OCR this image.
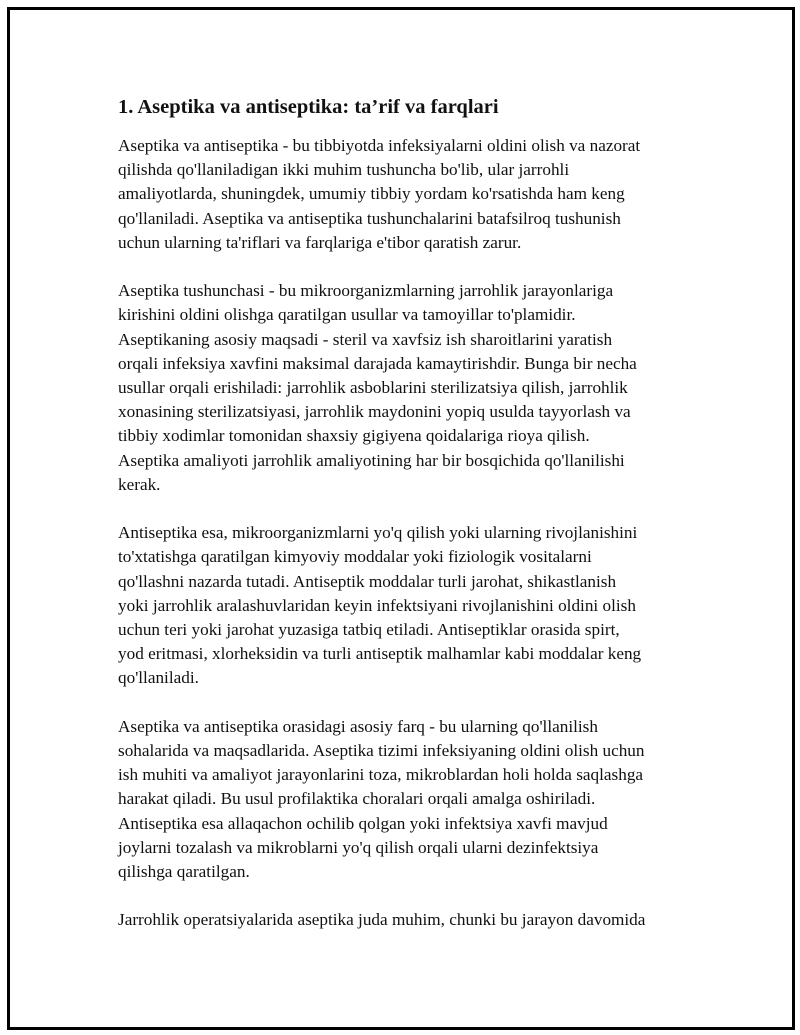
1. Aseptika va antiseptika: ta’rif va farqlari

Aseptika va antiseptika - bu tibbiyotda infeksiyalarni oldini olish va nazorat
qilishda qo'llaniladigan ikki muhim tushuncha bo'lib, ular jarrohli
amaliyotlarda, shuningdek, umumiy tibbiy yordam ko'rsatishda ham keng
qo'llaniladi. Aseptika va antiseptika tushunchalarini batafsilroq tushunish
uchun ularning ta'riflari va farqlariga e'tibor qaratish zarur.

Aseptika tushunchasi - bu mikroorganizmlarning jarrohlik jarayonlariga
kirishini oldini olishga qaratilgan usullar va tamoyillar to'plamidir.
Aseptikaning asosiy maqsadi - steril va xavfsiz ish sharoitlarini yaratish
orqali infeksiya xavfini maksimal darajada kamaytirishdir. Bunga bir necha
usullar orqali erishiladi: jarrohlik asboblarini sterilizatsiya qilish, jarrohlik
xonasining sterilizatsiyasi, jarrohlik maydonini yopiq usulda tayyorlash va
tibbiy xodimlar tomonidan shaxsiy gigiyena qoidalariga rioya qilish.
Aseptika amaliyoti jarrohlik amaliyotining har bir bosqichida qo'llanilishi
kerak.

Antiseptika esa, mikroorganizmlarni yo'q qilish yoki ularning rivojlanishini
to'xtatishga qaratilgan kimyoviy moddalar yoki fiziologik vositalarni
qo'llashni nazarda tutadi. Antiseptik moddalar turli jarohat, shikastlanish
yoki jarrohlik aralashuvlaridan keyin infektsiyani rivojlanishini oldini olish
uchun teri yoki jarohat yuzasiga tatbiq etiladi. Antiseptiklar orasida spirt,
yod eritmasi, xlorheksidin va turli antiseptik malhamlar kabi moddalar keng
qo'llaniladi.

Aseptika va antiseptika orasidagi asosiy farq - bu ularning qo'llanilish
sohalarida va maqsadlarida. Aseptika tizimi infeksiyaning oldini olish uchun
ish muhiti va amaliyot jarayonlarini toza, mikroblardan holi holda saqlashga
harakat qiladi. Bu usul profilaktika choralari orqali amalga oshiriladi.
Antiseptika esa allaqachon ochilib qolgan yoki infektsiya xavfi mavjud
joylarni tozalash va mikroblarni yo'q qilish orqali ularni dezinfektsiya
qilishga qaratilgan.

Jarrohlik operatsiyalarida aseptika juda muhim, chunki bu jarayon davomida
